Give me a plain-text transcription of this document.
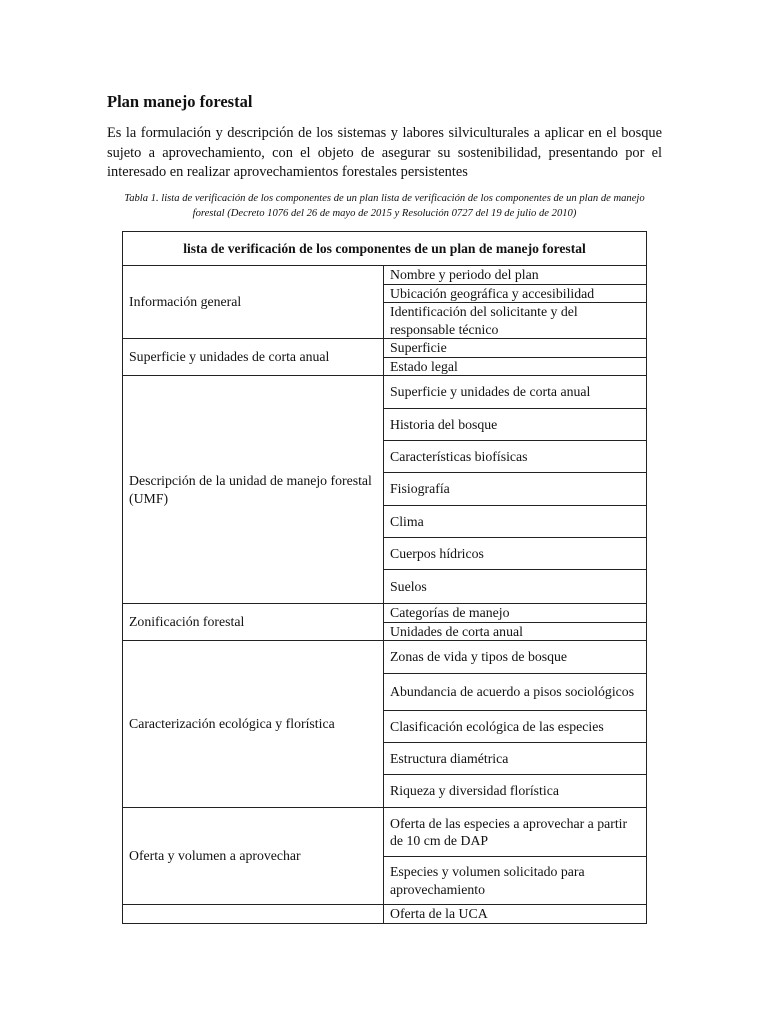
Plan manejo forestal

Es la formulación y descripción de los sistemas y labores silviculturales a aplicar en el bosque sujeto a aprovechamiento, con el objeto de asegurar su sostenibilidad, presentando por el interesado en realizar aprovechamientos forestales persistentes

Tabla 1. lista de verificación de los componentes de un plan lista de verificación de los componentes de un plan de manejo forestal (Decreto 1076 del 26 de mayo de 2015 y Resolución 0727 del 19 de julio de 2010)

lista de verificación de los componentes de un plan de manejo forestal	
Información general	Nombre y periodo del plan
	Ubicación geográfica y accesibilidad
	Identificación del solicitante y del responsable técnico
Superficie y unidades de corta anual	Superficie
	Estado legal
Descripción de la unidad de manejo forestal (UMF)	Superficie y unidades de corta anual
	Historia del bosque
	Características biofísicas
	Fisiografía
	Clima
	Cuerpos hídricos
	Suelos
Zonificación forestal	Categorías de manejo
	Unidades de corta anual
Caracterización ecológica y florística	Zonas de vida y tipos de bosque
	Abundancia de acuerdo a pisos sociológicos
	Clasificación ecológica de las especies
	Estructura diamétrica
	Riqueza y diversidad florística
Oferta y volumen a aprovechar	Oferta de las especies a aprovechar a partir de 10 cm de DAP
	Especies y volumen solicitado para aprovechamiento
	Oferta de la UCA
